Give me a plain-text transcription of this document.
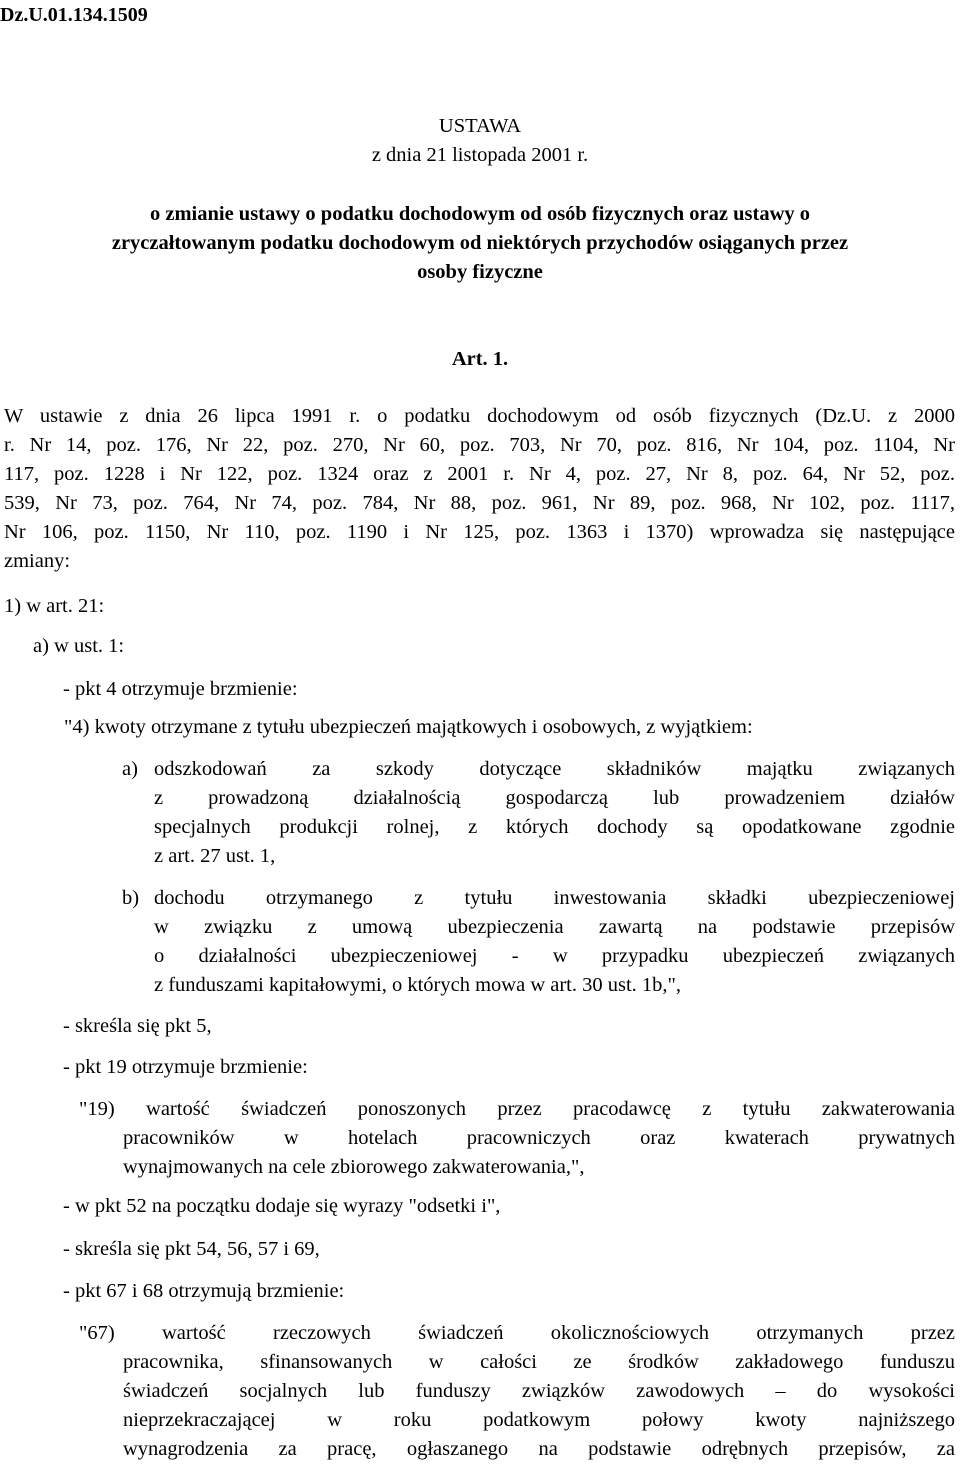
Dz.U.01.134.1509
USTAWA
z dnia 21 listopada 2001 r.
o zmianie ustawy o podatku dochodowym od osób fizycznych oraz ustawy o
zryczałtowanym podatku dochodowym od niektórych przychodów osiąganych przez
osoby fizyczne
Art. 1.
W ustawie z dnia 26 lipca 1991 r. o podatku dochodowym od osób fizycznych (Dz.U. z 2000
r. Nr 14, poz. 176, Nr 22, poz. 270, Nr 60, poz. 703, Nr 70, poz. 816, Nr 104, poz. 1104, Nr
117, poz. 1228 i Nr 122, poz. 1324 oraz z 2001 r. Nr 4, poz. 27, Nr 8, poz. 64, Nr 52, poz.
539, Nr 73, poz. 764, Nr 74, poz. 784, Nr 88, poz. 961, Nr 89, poz. 968, Nr 102, poz. 1117,
Nr 106, poz. 1150, Nr 110, poz. 1190 i Nr 125, poz. 1363 i 1370) wprowadza się następujące
zmiany:
1) w art. 21:
a) w ust. 1:
- pkt 4 otrzymuje brzmienie:
"4) kwoty otrzymane z tytułu ubezpieczeń majątkowych i osobowych, z wyjątkiem:
a) odszkodowań za szkody dotyczące składników majątku związanych
z prowadzoną działalnością gospodarczą lub prowadzeniem działów
specjalnych produkcji rolnej, z których dochody są opodatkowane zgodnie
z art. 27 ust. 1,
b) dochodu otrzymanego z tytułu inwestowania składki ubezpieczeniowej
w związku z umową ubezpieczenia zawartą na podstawie przepisów
o działalności ubezpieczeniowej - w przypadku ubezpieczeń związanych
z funduszami kapitałowymi, o których mowa w art. 30 ust. 1b,",
- skreśla się pkt 5,
- pkt 19 otrzymuje brzmienie:
"19) wartość świadczeń ponoszonych przez pracodawcę z tytułu zakwaterowania
pracowników w hotelach pracowniczych oraz kwaterach prywatnych
wynajmowanych na cele zbiorowego zakwaterowania,",
- w pkt 52 na początku dodaje się wyrazy "odsetki i",
- skreśla się pkt 54, 56, 57 i 69,
- pkt 67 i 68 otrzymują brzmienie:
"67) wartość rzeczowych świadczeń okolicznościowych otrzymanych przez
pracownika, sfinansowanych w całości ze środków zakładowego funduszu
świadczeń socjalnych lub funduszy związków zawodowych – do wysokości
nieprzekraczającej w roku podatkowym połowy kwoty najniższego
wynagrodzenia za pracę, ogłaszanego na podstawie odrębnych przepisów, za
